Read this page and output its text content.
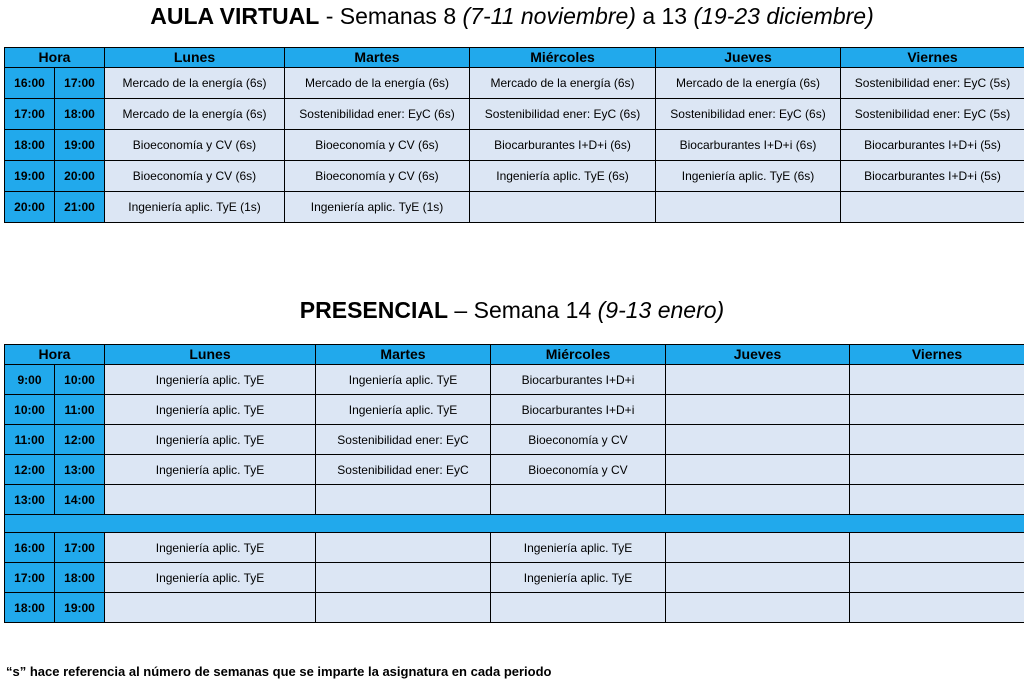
AULA VIRTUAL - Semanas 8 (7-11 noviembre) a 13 (19-23 diciembre)
Hora		Lunes	Martes	Miércoles	Jueves	Viernes
16:00	17:00	Mercado de la energía (6s)	Mercado de la energía (6s)	Mercado de la energía (6s)	Mercado de la energía (6s)	Sostenibilidad ener: EyC (5s)
17:00	18:00	Mercado de la energía (6s)	Sostenibilidad ener: EyC (6s)	Sostenibilidad ener: EyC (6s)	Sostenibilidad ener: EyC (6s)	Sostenibilidad ener: EyC (5s)
18:00	19:00	Bioeconomía y CV (6s)	Bioeconomía y CV (6s)	Biocarburantes I+D+i (6s)	Biocarburantes I+D+i (6s)	Biocarburantes I+D+i (5s)
19:00	20:00	Bioeconomía y CV (6s)	Bioeconomía y CV (6s)	Ingeniería aplic. TyE (6s)	Ingeniería aplic. TyE (6s)	Biocarburantes I+D+i (5s)
20:00	21:00	Ingeniería aplic. TyE (1s)	Ingeniería aplic. TyE (1s)			
PRESENCIAL – Semana 14 (9-13 enero)
Hora		Lunes	Martes	Miércoles	Jueves	Viernes
9:00	10:00	Ingeniería aplic. TyE	Ingeniería aplic. TyE	Biocarburantes I+D+i		
10:00	11:00	Ingeniería aplic. TyE	Ingeniería aplic. TyE	Biocarburantes I+D+i		
11:00	12:00	Ingeniería aplic. TyE	Sostenibilidad ener: EyC	Bioeconomía y CV		
12:00	13:00	Ingeniería aplic. TyE	Sostenibilidad ener: EyC	Bioeconomía y CV		
13:00	14:00					

16:00	17:00	Ingeniería aplic. TyE		Ingeniería aplic. TyE		
17:00	18:00	Ingeniería aplic. TyE		Ingeniería aplic. TyE		
18:00	19:00					
“s” hace referencia al número de semanas que se imparte la asignatura en cada periodo
